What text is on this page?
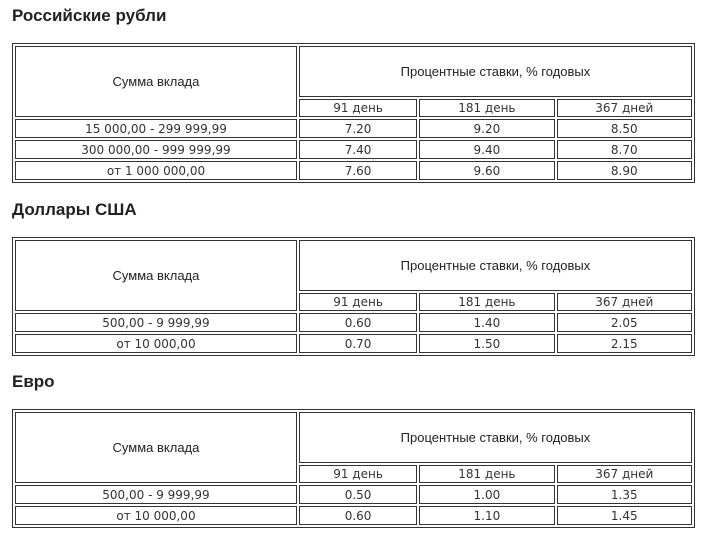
Российские рубли
Сумма вклада	Процентные ставки, % годовых		
	91 день	181 день	367 дней
15 000,00 - 299 999,99	7.20	9.20	8.50
300 000,00 - 999 999,99	7.40	9.40	8.70
от 1 000 000,00	7.60	9.60	8.90
Доллары США
Сумма вклада	Процентные ставки, % годовых		
	91 день	181 день	367 дней
500,00 - 9 999,99	0.60	1.40	2.05
от 10 000,00	0.70	1.50	2.15
Евро
Сумма вклада	Процентные ставки, % годовых		
	91 день	181 день	367 дней
500,00 - 9 999,99	0.50	1.00	1.35
от 10 000,00	0.60	1.10	1.45
